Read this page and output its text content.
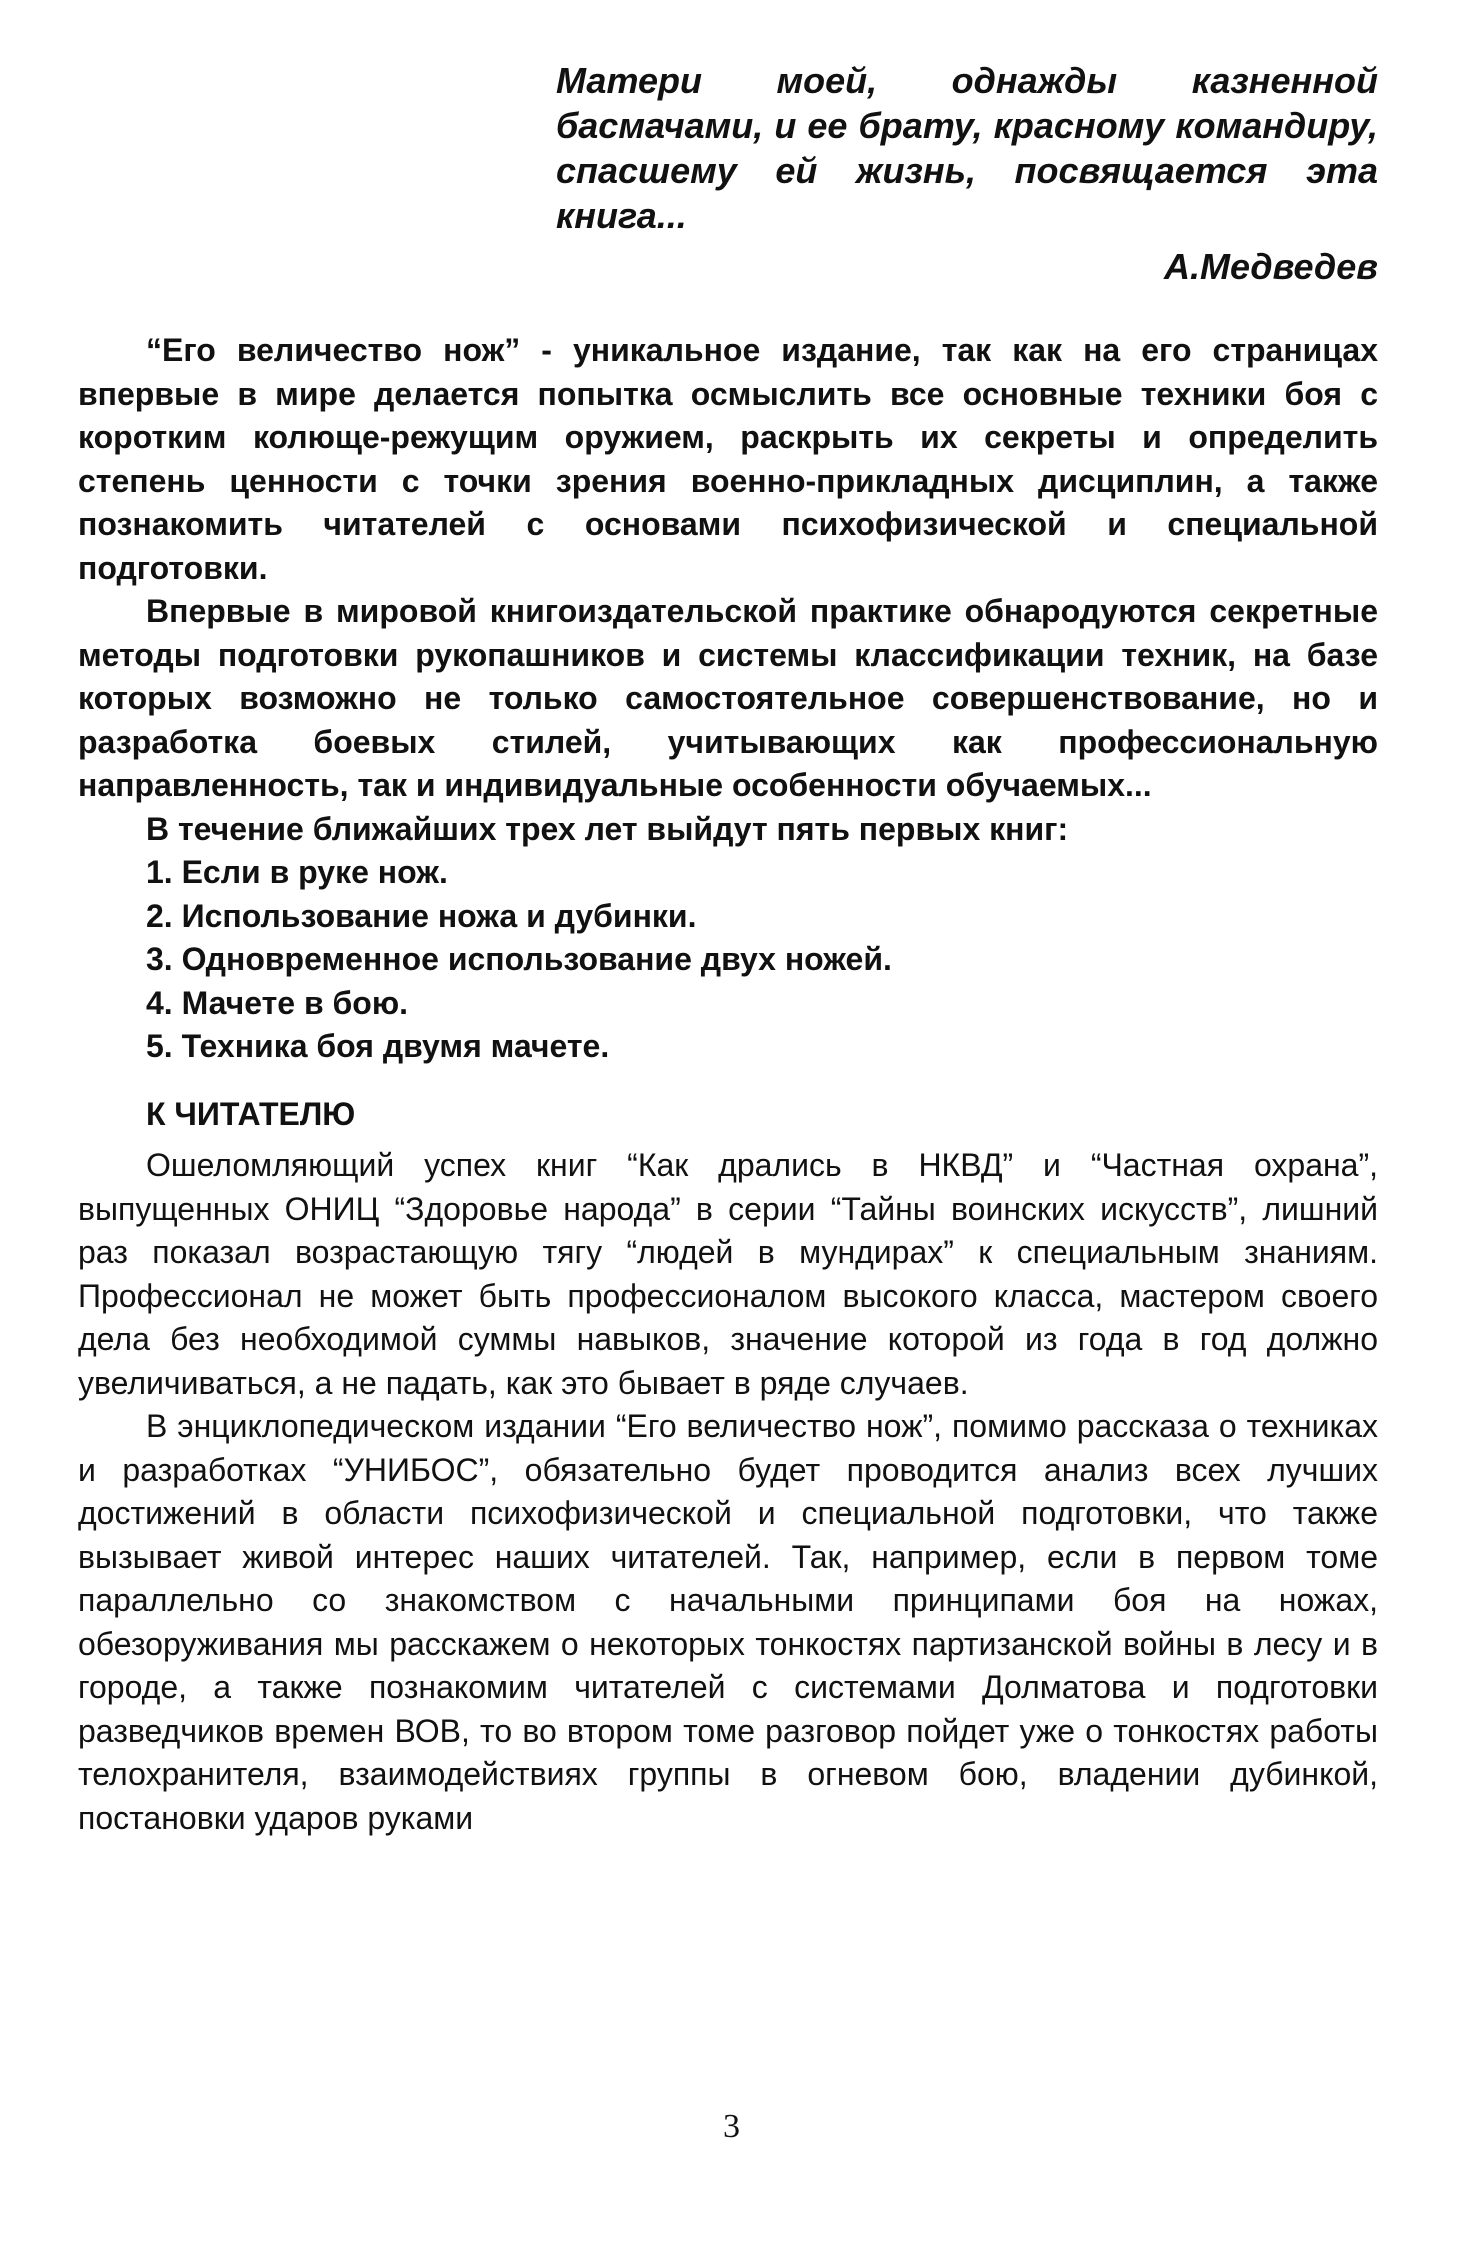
Матери моей, однажды казненной басмачами, и ее брату, красному командиру, спасшему ей жизнь, посвящается эта книга...
А.Медведев

“Его величество нож” - уникальное издание, так как на его страницах впервые в мире делается попытка осмыслить все основные техники боя с коротким колюще-режущим оружием, раскрыть их секреты и определить степень ценности с точки зрения военно-прикладных дисциплин, а также познакомить читателей с основами психофизической и специальной подготовки.

Впервые в мировой книгоиздательской практике обнародуются секретные методы подготовки рукопашников и системы классификации техник, на базе которых возможно не только самостоятельное совершенствование, но и разработка боевых стилей, учитывающих как профессиональную направленность, так и индивидуальные особенности обучаемых...

В течение ближайших трех лет выйдут пять первых книг:

1. Если в руке нож.
2. Использование ножа и дубинки.
3. Одновременное использование двух ножей.
4. Мачете в бою.
5. Техника боя двумя мачете.
К ЧИТАТЕЛЮ

Ошеломляющий успех книг “Как дрались в НКВД” и “Частная охрана”, выпущенных ОНИЦ “Здоровье народа” в серии “Тайны воинских искусств”, лишний раз показал возрастающую тягу “людей в мундирах” к специальным знаниям. Профессионал не может быть профессионалом высокого класса, мастером своего дела без необходимой суммы навыков, значение которой из года в год должно увеличиваться, а не падать, как это бывает в ряде случаев.

В энциклопедическом издании “Его величество нож”, помимо рассказа о техниках и разработках “УНИБОС”, обязательно будет проводится анализ всех лучших достижений в области психофизической и специальной подготовки, что также вызывает живой интерес наших читателей. Так, например, если в первом томе параллельно со знакомством с начальными принципами боя на ножах, обезоруживания мы расскажем о некоторых тонкостях партизанской войны в лесу и в городе, а также познакомим читателей с системами Долматова и подготовки разведчиков времен ВОВ, то во втором томе разговор пойдет уже о тонкостях работы телохранителя, взаимодействиях группы в огневом бою, владении дубинкой, постановки ударов руками

3
